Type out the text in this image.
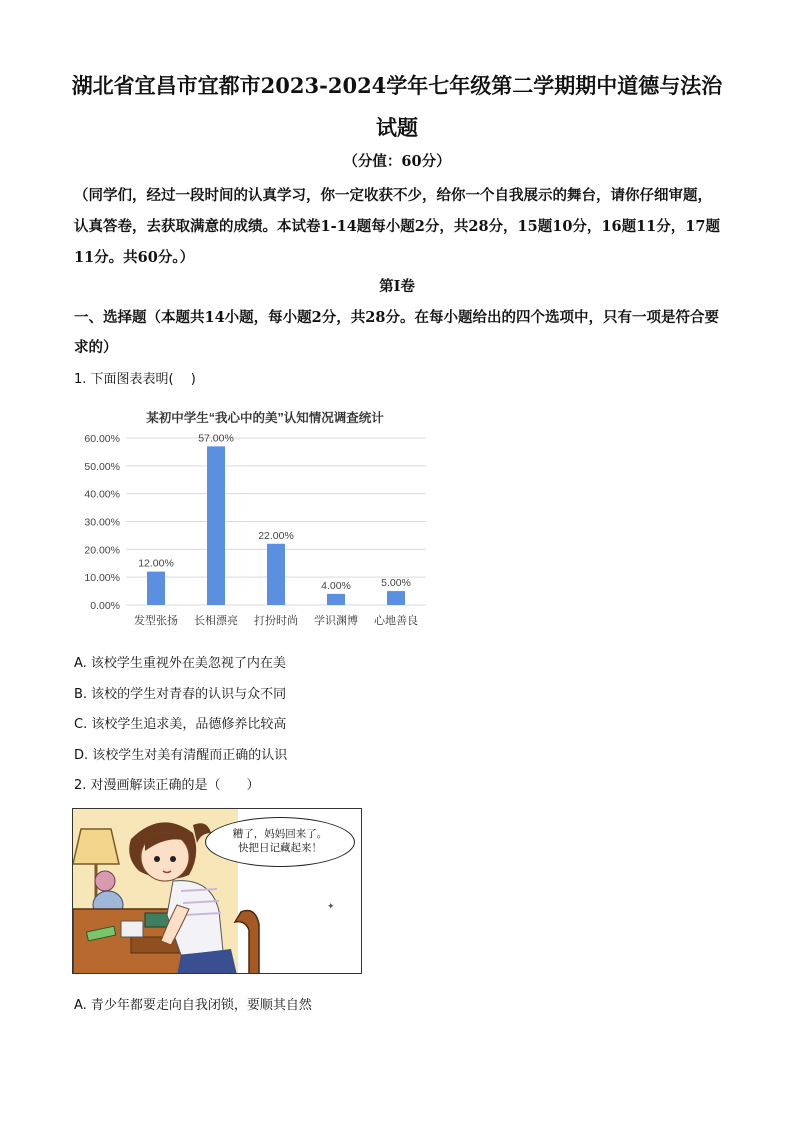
湖北省宜昌市宜都市2023-2024学年七年级第二学期期中道德与法治
试题
（分值：60分）
（同学们，经过一段时间的认真学习，你一定收获不少，给你一个自我展示的舞台，请你仔细审题，认真答卷，去获取满意的成绩。本试卷1-14题每小题2分，共28分，15题10分，16题11分，17题11分。共60分。）
第Ⅰ卷
一、选择题（本题共14小题，每小题2分，共28分。在每小题给出的四个选项中，只有一项是符合要求的）
1. 下面图表表明(　 )
某初中学生“我心中的美”认知情况调查统计
0.00%
10.00%
20.00%
30.00%
40.00%
50.00%
60.00%
12.00%
发型张扬
57.00%
长相漂亮
22.00%
打扮时尚
4.00%
学识渊博
5.00%
心地善良
A. 该校学生重视外在美忽视了内在美
B. 该校的学生对青春的认识与众不同
C. 该校学生追求美，品德修养比较高
D. 该校学生对美有清醒而正确的认识
2. 对漫画解读正确的是（　　）
✦
糟了，妈妈回来了。
快把日记藏起来！
A. 青少年都要走向自我闭锁，要顺其自然
